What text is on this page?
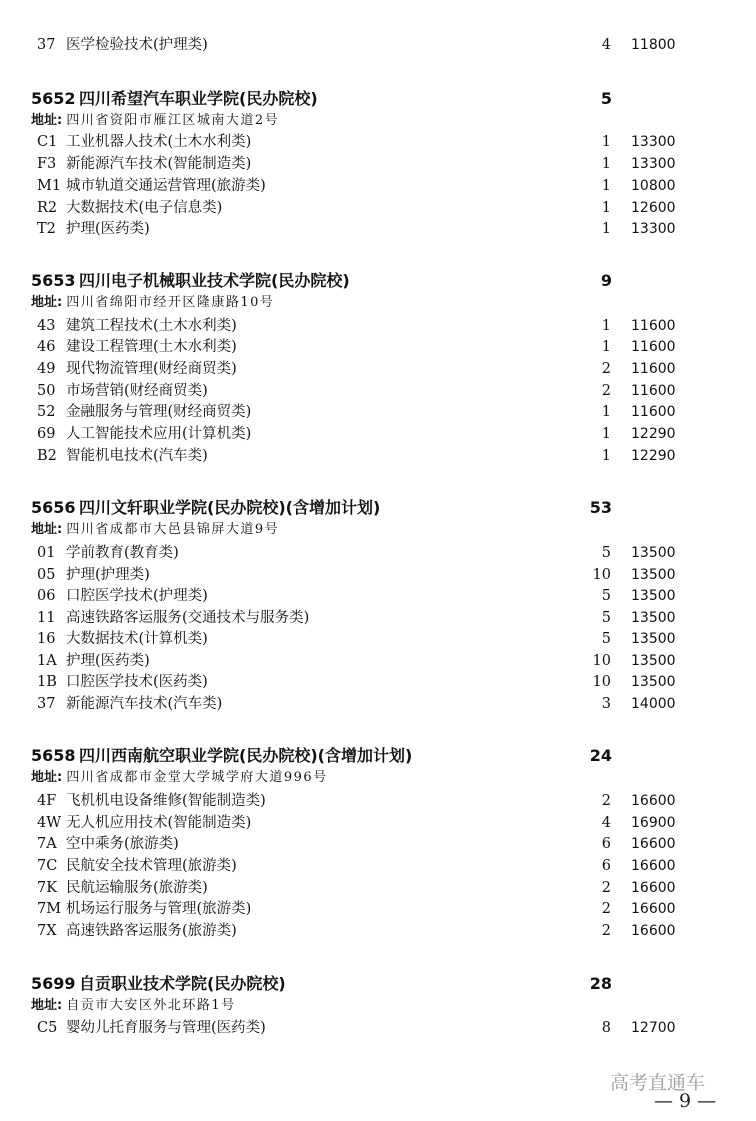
37 医学检验技术(护理类)	4 11800
5652 四川希望汽车职业学院(民办院校)	5
地址: 四川省资阳市雁江区城南大道2号
C1 工业机器人技术(土木水利类)	1 13300
F3 新能源汽车技术(智能制造类)	1 13300
M1 城市轨道交通运营管理(旅游类)	1 10800
R2 大数据技术(电子信息类)	1 12600
T2 护理(医药类)	1 13300
5653 四川电子机械职业技术学院(民办院校)	9
地址: 四川省绵阳市经开区隆康路10号
43 建筑工程技术(土木水利类)	1 11600
46 建设工程管理(土木水利类)	1 11600
49 现代物流管理(财经商贸类)	2 11600
50 市场营销(财经商贸类)	2 11600
52 金融服务与管理(财经商贸类)	1 11600
69 人工智能技术应用(计算机类)	1 12290
B2 智能机电技术(汽车类)	1 12290
5656 四川文轩职业学院(民办院校)(含增加计划)	53
地址: 四川省成都市大邑县锦屏大道9号
01 学前教育(教育类)	5 13500
05 护理(护理类)	10 13500
06 口腔医学技术(护理类)	5 13500
11 高速铁路客运服务(交通技术与服务类)	5 13500
16 大数据技术(计算机类)	5 13500
1A 护理(医药类)	10 13500
1B 口腔医学技术(医药类)	10 13500
37 新能源汽车技术(汽车类)	3 14000
5658 四川西南航空职业学院(民办院校)(含增加计划)	24
地址: 四川省成都市金堂大学城学府大道996号
4F 飞机机电设备维修(智能制造类)	2 16600
4W 无人机应用技术(智能制造类)	4 16900
7A 空中乘务(旅游类)	6 16600
7C 民航安全技术管理(旅游类)	6 16600
7K 民航运输服务(旅游类)	2 16600
7M 机场运行服务与管理(旅游类)	2 16600
7X 高速铁路客运服务(旅游类)	2 16600
5699 自贡职业技术学院(民办院校)	28
地址: 自贡市大安区外北环路1号
C5 婴幼儿托育服务与管理(医药类)	8 12700
高考直通车
— 9 —
